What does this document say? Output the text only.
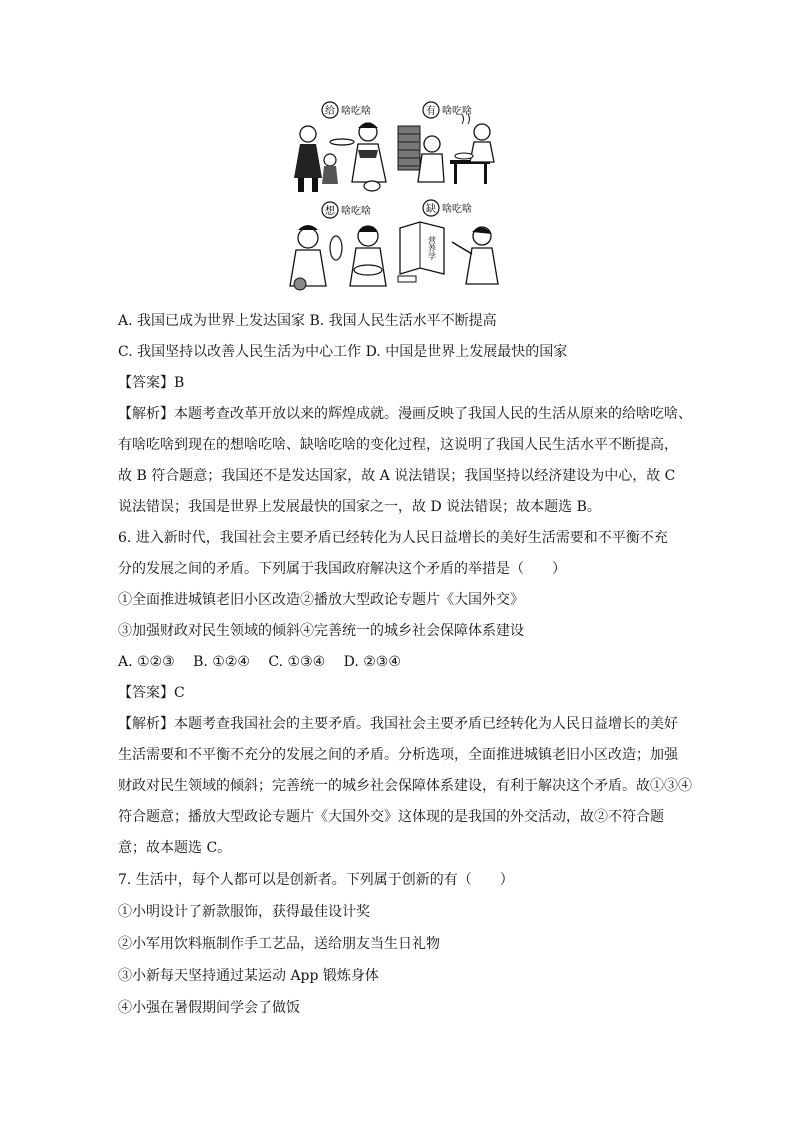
给 啥吃啥	有 啥吃啥
想 啥吃啥	缺 啥吃啥
营养学
A. 我国已成为世界上发达国家 B. 我国人民生活水平不断提高
C. 我国坚持以改善人民生活为中心工作 D. 中国是世界上发展最快的国家
【答案】B
【解析】本题考查改革开放以来的辉煌成就。漫画反映了我国人民的生活从原来的给啥吃啥、
有啥吃啥到现在的想啥吃啥、缺啥吃啥的变化过程，这说明了我国人民生活水平不断提高，
故 B 符合题意；我国还不是发达国家，故 A 说法错误；我国坚持以经济建设为中心，故 C
说法错误；我国是世界上发展最快的国家之一，故 D 说法错误；故本题选 B。
6. 进入新时代，我国社会主要矛盾已经转化为人民日益增长的美好生活需要和不平衡不充
分的发展之间的矛盾。下列属于我国政府解决这个矛盾的举措是（　　）
①全面推进城镇老旧小区改造②播放大型政论专题片《大国外交》
③加强财政对民生领域的倾斜④完善统一的城乡社会保障体系建设
A. ①②③　 B. ①②④　 C. ①③④　 D. ②③④
【答案】C
【解析】本题考查我国社会的主要矛盾。我国社会主要矛盾已经转化为人民日益增长的美好
生活需要和不平衡不充分的发展之间的矛盾。分析选项，全面推进城镇老旧小区改造；加强
财政对民生领域的倾斜；完善统一的城乡社会保障体系建设，有利于解决这个矛盾。故①③④
符合题意；播放大型政论专题片《大国外交》这体现的是我国的外交活动，故②不符合题
意；故本题选 C。
7. 生活中，每个人都可以是创新者。下列属于创新的有（　　）
①小明设计了新款服饰，获得最佳设计奖
②小军用饮料瓶制作手工艺品，送给朋友当生日礼物
③小新每天坚持通过某运动 App 锻炼身体
④小强在暑假期间学会了做饭
